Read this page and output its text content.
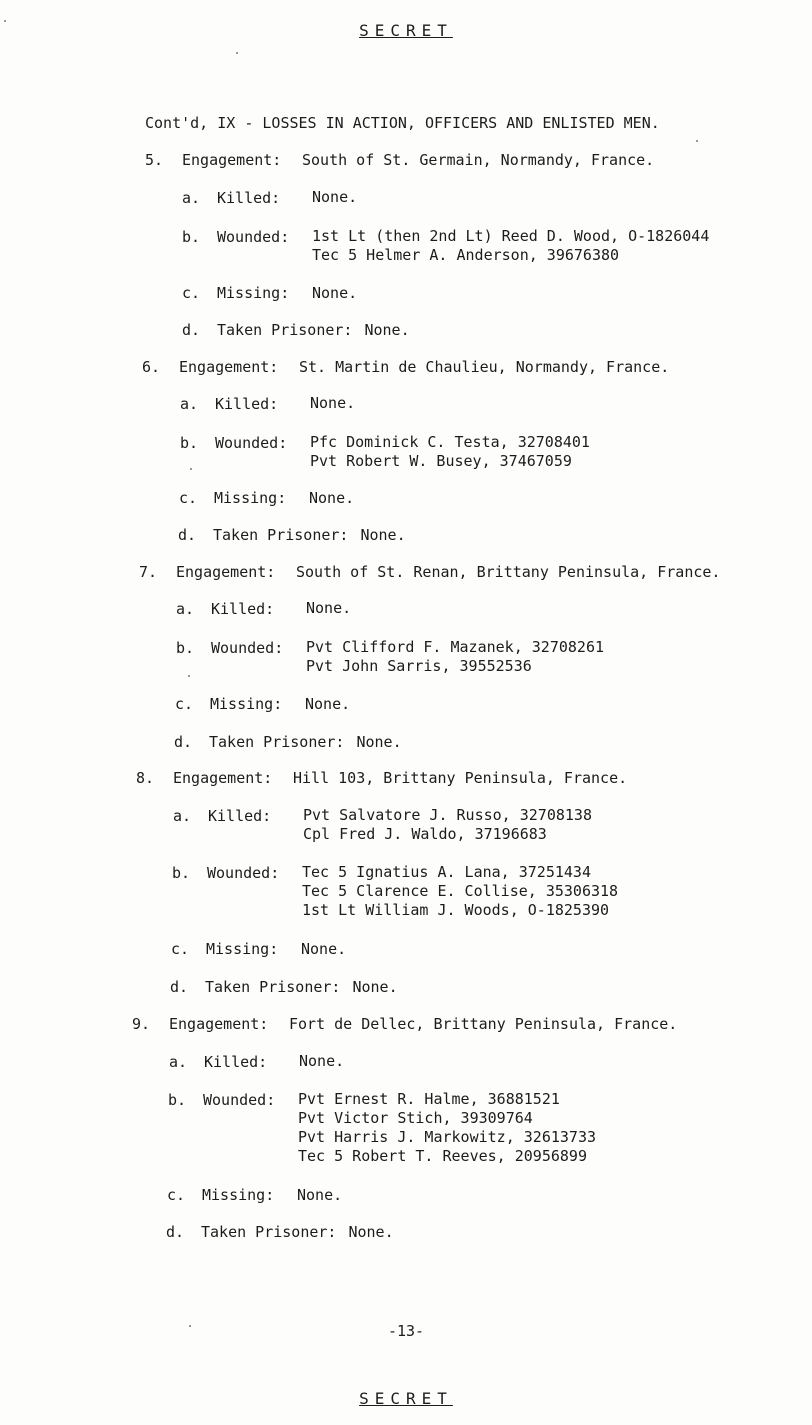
SECRET
Cont'd, IX - LOSSES IN ACTION, OFFICERS AND ENLISTED MEN.
5.	Engagement:	South of St. Germain, Normandy, France.
a.	Killed:	None.
b.	Wounded:	1st Lt (then 2nd Lt) Reed D. Wood, O-1826044
Tec 5 Helmer A. Anderson, 39676380
c.	Missing:	None.
d.	Taken Prisoner: None.
6.	Engagement:	St. Martin de Chaulieu, Normandy, France.
a.	Killed:	None.
b.	Wounded:	Pfc Dominick C. Testa, 32708401
Pvt Robert W. Busey, 37467059
c.	Missing:	None.
d.	Taken Prisoner: None.
7.	Engagement:	South of St. Renan, Brittany Peninsula, France.
a.	Killed:	None.
b.	Wounded:	Pvt Clifford F. Mazanek, 32708261
Pvt John Sarris, 39552536
c.	Missing:	None.
d.	Taken Prisoner: None.
8.	Engagement:	Hill 103, Brittany Peninsula, France.
a.	Killed:	Pvt Salvatore J. Russo, 32708138
Cpl Fred J. Waldo, 37196683
b.	Wounded:	Tec 5 Ignatius A. Lana, 37251434
Tec 5 Clarence E. Collise, 35306318
1st Lt William J. Woods, O-1825390
c.	Missing:	None.
d.	Taken Prisoner: None.
9.	Engagement:	Fort de Dellec, Brittany Peninsula, France.
a.	Killed:	None.
b.	Wounded:	Pvt Ernest R. Halme, 36881521
Pvt Victor Stich, 39309764
Pvt Harris J. Markowitz, 32613733
Tec 5 Robert T. Reeves, 20956899
c.	Missing:	None.
d.	Taken Prisoner: None.
-13-
SECRET
